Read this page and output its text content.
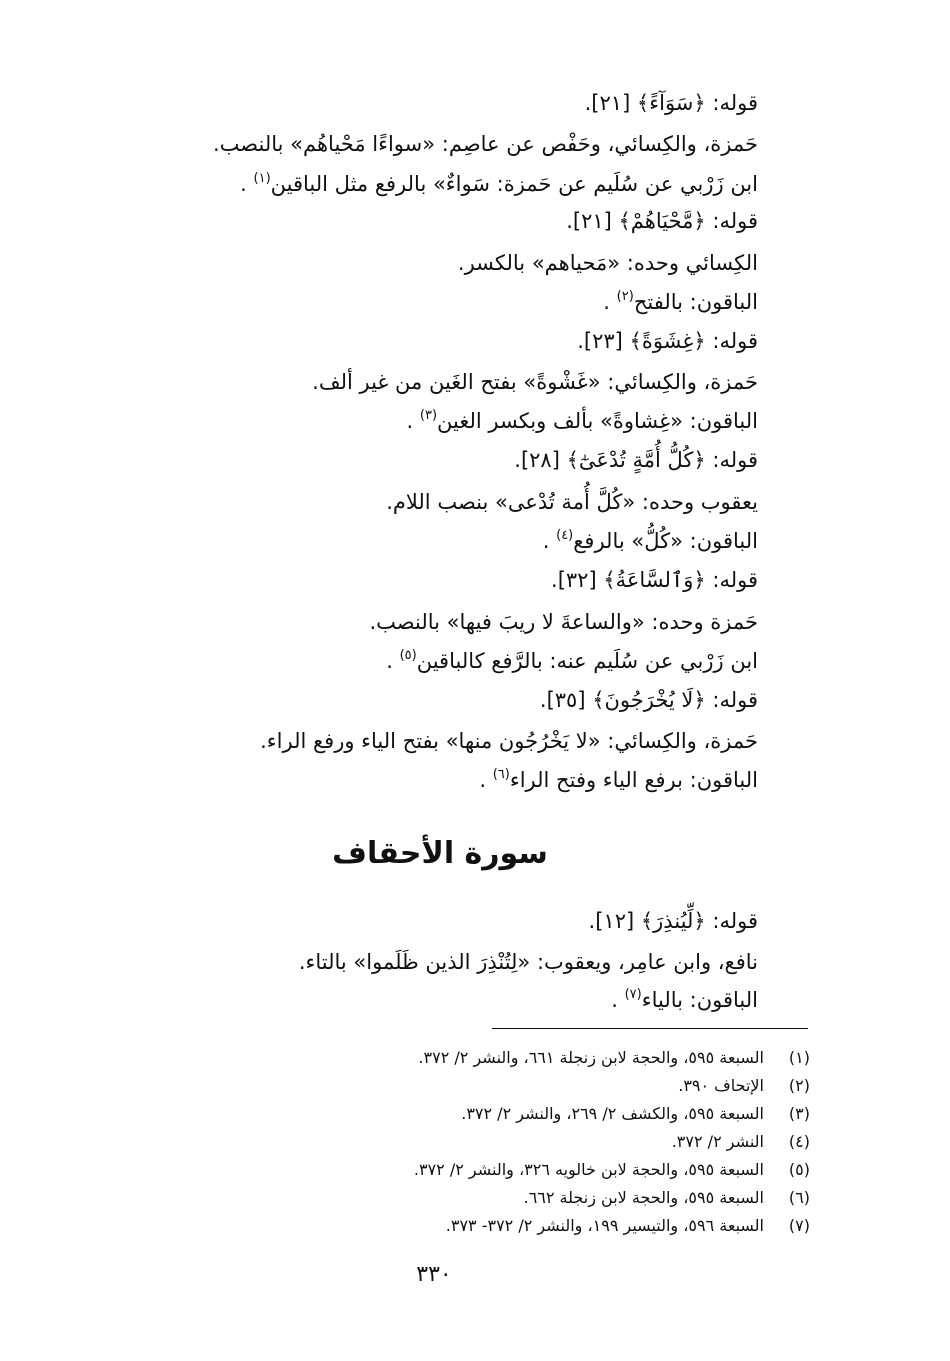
قوله: ﴿سَوَآءً﴾ [٢١].
حَمزة، والكِسائي، وحَفْص عن عاصِم: «سواءًا مَحْياهُم» بالنصب.
ابن زَرْبي عن سُلَيم عن حَمزة: سَواءٌ» بالرفع مثل الباقين$^{(١)}$ .
قوله: ﴿مَّحْيَاهُمْ﴾ [٢١].
الكِسائي وحده: «مَحياهم» بالكسر.
الباقون: بالفتح$^{(٢)}$ .
قوله: ﴿غِشَوَةً﴾ [٢٣].
حَمزة، والكِسائي: «غَشْوةً» بفتح الغَين من غير ألف.
الباقون: «غِشاوةً» بألف وبكسر الغين$^{(٣)}$ .
قوله: ﴿كُلُّ أُمَّةٍ تُدْعَىٰٓ﴾ [٢٨].
يعقوب وحده: «كُلَّ أُمة تُدْعى» بنصب اللام.
الباقون: «كُلُّ» بالرفع$^{(٤)}$ .
قوله: ﴿وَٱلسَّاعَةُ﴾ [٣٢].
حَمزة وحده: «والساعةَ لا ريبَ فيها» بالنصب.
ابن زَرْبي عن سُلَيم عنه: بالرَّفع كالباقين$^{(٥)}$ .
قوله: ﴿لَا يُخْرَجُونَ﴾ [٣٥].
حَمزة، والكِسائي: «لا يَخْرُجُون منها» بفتح الياء ورفع الراء.
الباقون: برفع الياء وفتح الراء$^{(٦)}$ .
سورة الأحقاف
قوله: ﴿لِّيُنذِرَ﴾ [١٢].
نافع، وابن عامِر، ويعقوب: «لِتُنْذِرَ الذين ظَلَموا» بالتاء.
الباقون: بالياء$^{(٧)}$ .
(١)السبعة ٥٩٥، والحجة لابن زنجلة ٦٦١، والنشر ٢/ ٣٧٢.
(٢)الإتحاف ٣٩٠.
(٣)السبعة ٥٩٥، والكشف ٢/ ٢٦٩، والنشر ٢/ ٣٧٢.
(٤)النشر ٢/ ٣٧٢.
(٥)السبعة ٥٩٥، والحجة لابن خالويه ٣٢٦، والنشر ٢/ ٣٧٢.
(٦)السبعة ٥٩٥، والحجة لابن زنجلة ٦٦٢.
(٧)السبعة ٥٩٦، والتيسير ١٩٩، والنشر ٢/ ٣٧٢- ٣٧٣.
٣٣٠
